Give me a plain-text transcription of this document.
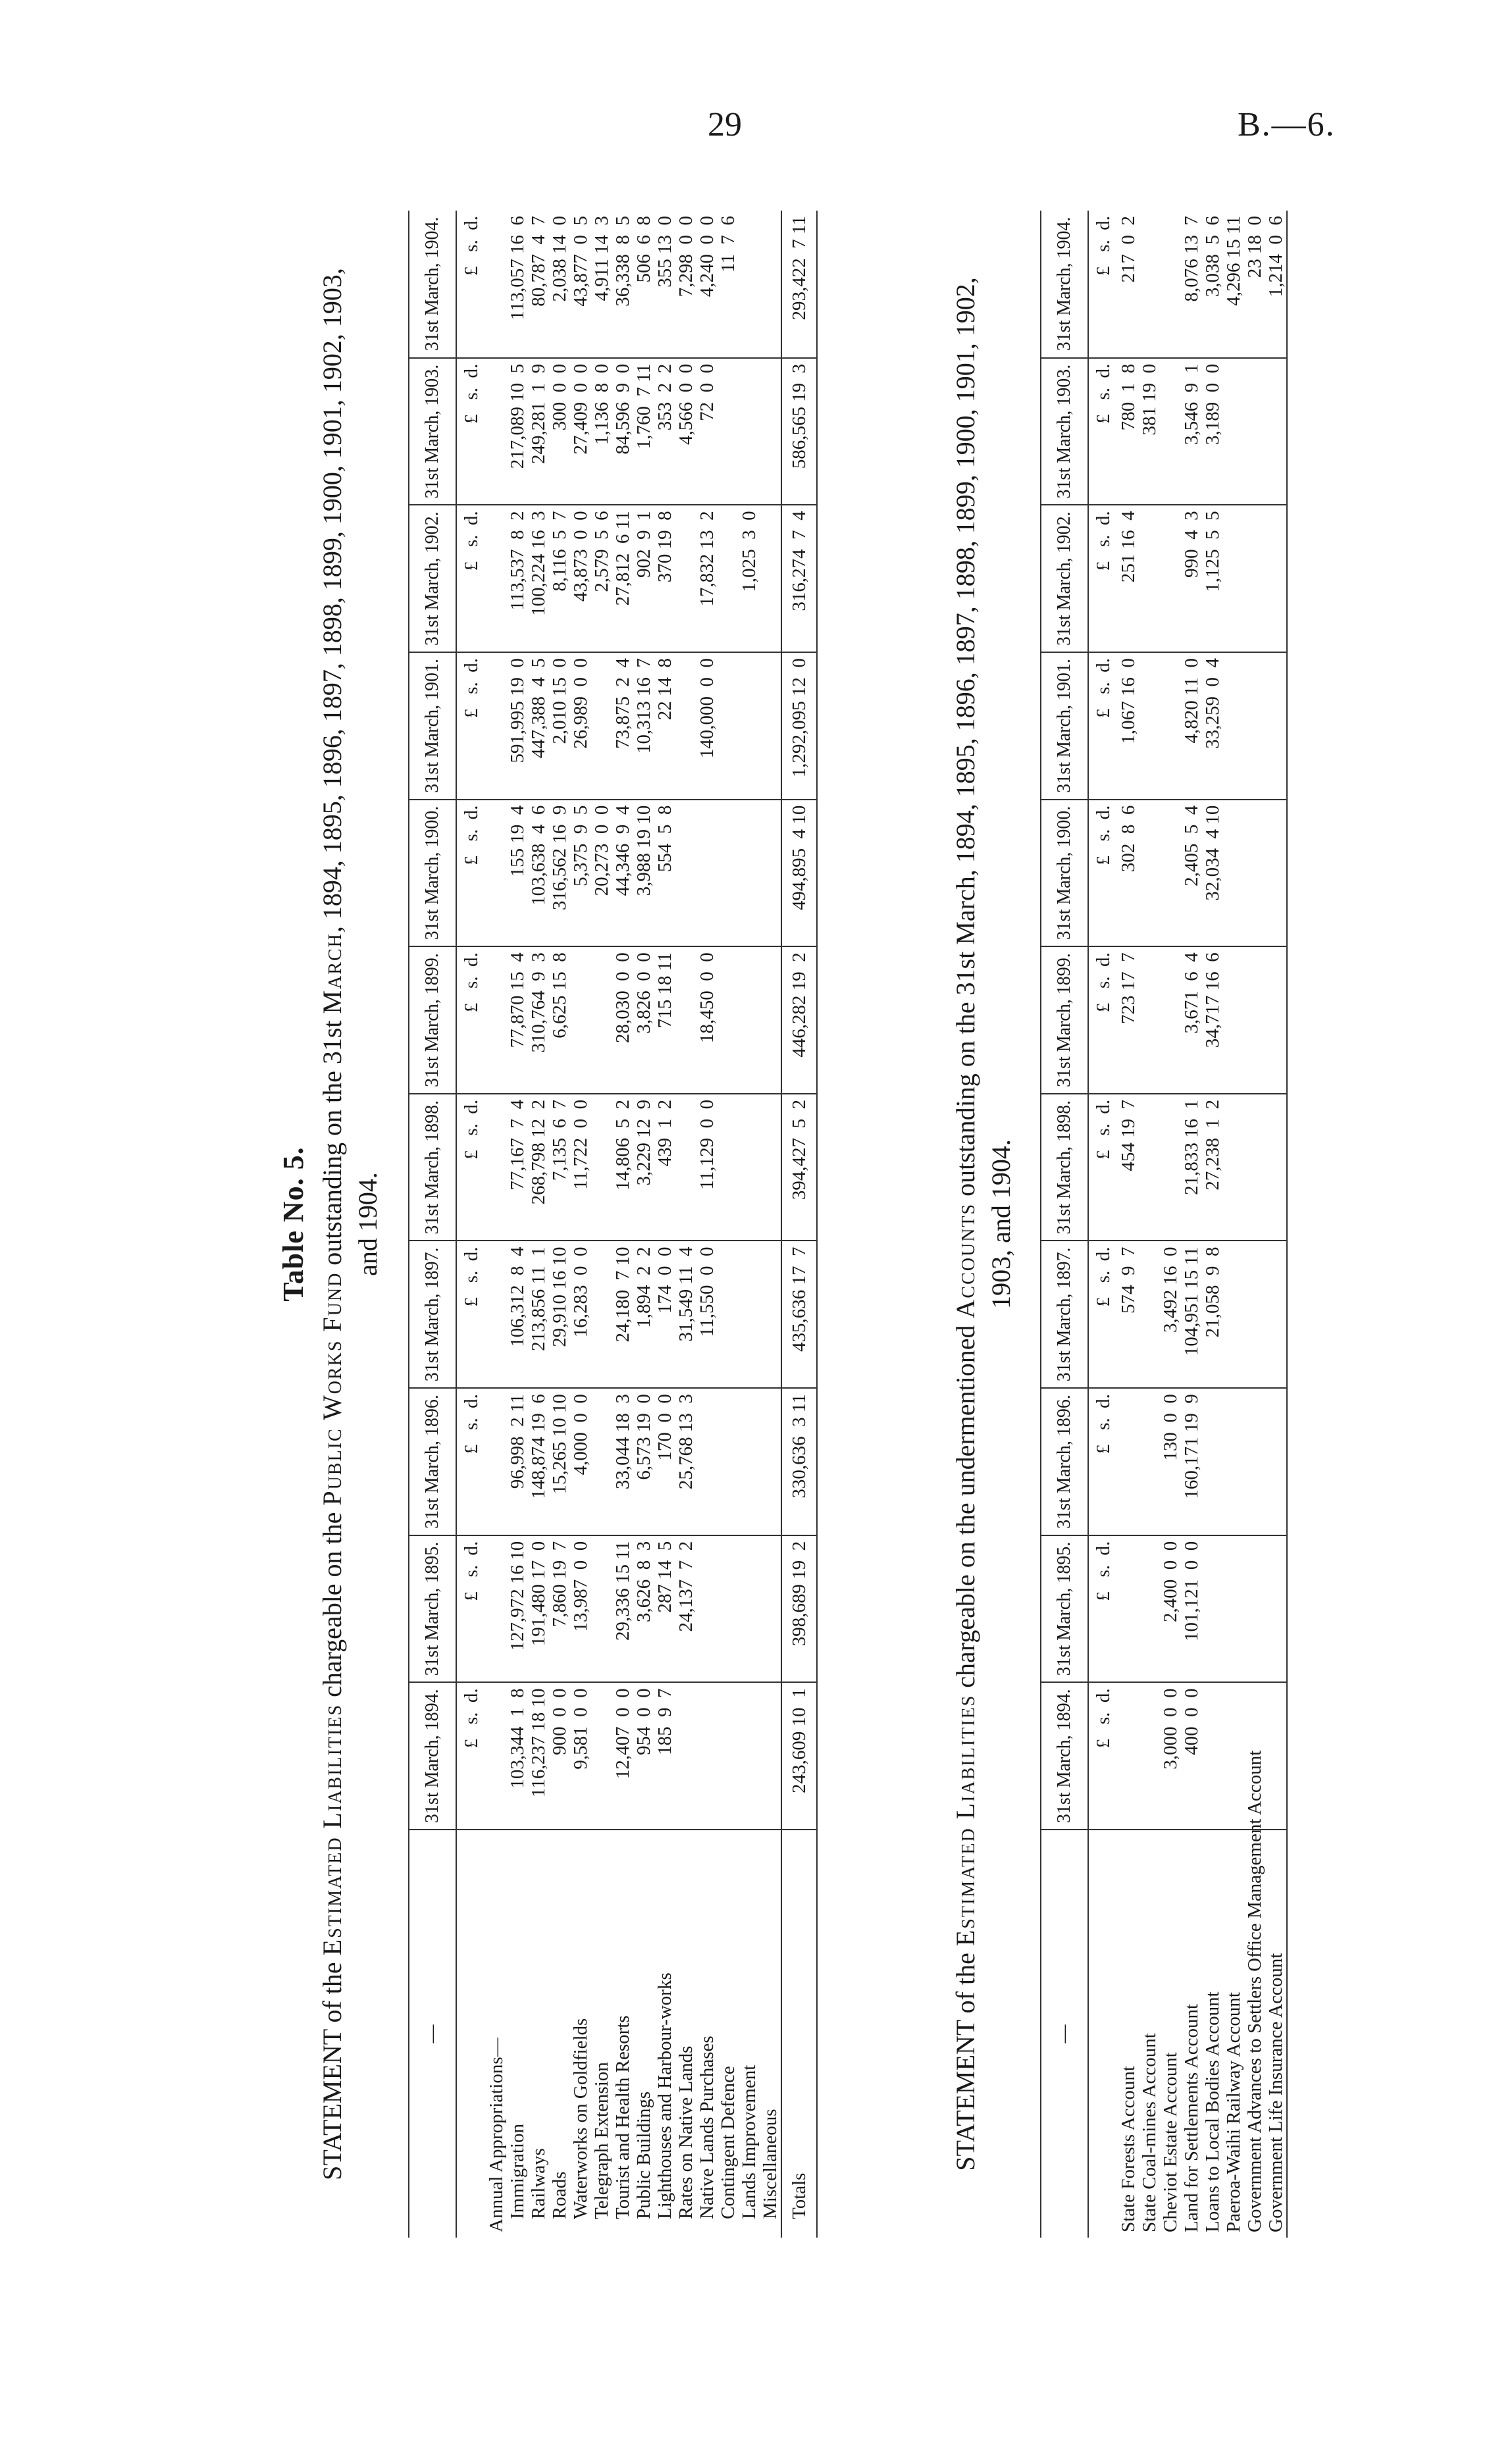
29	B.—6.
Table No. 5.
STATEMENT of the Estimated Liabilities chargeable on the Public Works Fund outstanding on the 31st March, 1894, 1895, 1896, 1897, 1898, 1899, 1900, 1901, 1902, 1903,
and 1904.
—	31st March, 1894.	31st March, 1895.	31st March, 1896.	31st March, 1897.	31st March, 1898.	31st March, 1899.	31st March, 1900.	31st March, 1901.	31st March, 1902.	31st March, 1903.	31st March, 1904.
	£   s.  d.	£   s.  d.	£   s.  d.	£   s.  d.	£   s.  d.	£   s.  d.	£   s.  d.	£   s.  d.	£   s.  d.	£   s.  d.	£   s.  d.
Annual Appropriations—											
Immigration	103,344  1  8	127,972 16 10	96,998  2 11	106,312  8  4	77,167  7  4	77,870 15  4	155 19  4	591,995 19  0	113,537  8  2	217,089 10  5	113,057 16  6
Railways	116,237 18 10	191,480 17  0	148,874 19  6	213,856 11  1	268,798 12  2	310,764  9  3	103,638  4  6	447,388  4  5	100,224 16  3	249,281  1  9	80,787  4  7
Roads	900  0  0	7,860 19  7	15,265 10 10	29,910 16 10	7,135  6  7	6,625 15  8	316,562 16  9	2,010 15  0	8,116  5  7	300  0  0	2,038 14  0
Waterworks on Goldfields	9,581  0  0	13,987  0  0	4,000  0  0	16,283  0  0	11,722  0  0		5,375  9  5	26,989  0  0	43,873  0  0	27,409  0  0	43,877  0  5
Telegraph Extension							20,273  0  0		2,579  5  6	1,136  8  0	4,911 14  3
Tourist and Health Resorts	12,407  0  0	29,336 15 11	33,044 18  3	24,180  7 10	14,806  5  2	28,030  0  0	44,346  9  4	73,875  2  4	27,812  6 11	84,596  9  0	36,338  8  5
Public Buildings	954  0  0	3,626  8  3	6,573 19  0	1,894  2  2	3,229 12  9	3,826  0  0	3,988 19 10	10,313 16  7	902  9  1	1,760  7 11	506  6  8
Lighthouses and Harbour-works	185  9  7	287 14  5	170  0  0	174  0  0	439  1  2	715 18 11	554  5  8	22 14  8	370 19  8	353  2  2	355 13  0
Rates on Native Lands		24,137  7  2	25,768 13  3	31,549 11  4						4,566  0  0	7,298  0  0
Native Lands Purchases				11,550  0  0	11,129  0  0	18,450  0  0		140,000  0  0	17,832 13  2	72  0  0	4,240  0  0
Contingent Defence											11  7  6
Lands Improvement									1,025  3  0		
Miscellaneous											
Totals	243,609 10  1	398,689 19  2	330,636  3 11	435,636 17  7	394,427  5  2	446,282 19  2	494,895  4 10	1,292,095 12  0	316,274  7  4	586,565 19  3	293,422  7 11
STATEMENT of the Estimated Liabilities chargeable on the undermentioned Accounts outstanding on the 31st March, 1894, 1895, 1896, 1897, 1898, 1899, 1900, 1901, 1902,
1903, and 1904.
—	31st March, 1894.	31st March, 1895.	31st March, 1896.	31st March, 1897.	31st March, 1898.	31st March, 1899.	31st March, 1900.	31st March, 1901.	31st March, 1902.	31st March, 1903.	31st March, 1904.
	£   s.  d.	£   s.  d.	£   s.  d.	£   s.  d.	£   s.  d.	£   s.  d.	£   s.  d.	£   s.  d.	£   s.  d.	£   s.  d.	£   s.  d.
State Forests Account				574  9  7	454 19  7	723 17  7	302  8  6	1,067 16  0	251 16  4	780  1  8	217  0  2
State Coal-mines Account										381 19  0	
Cheviot Estate Account	3,000  0  0	2,400  0  0	130  0  0	3,492 16  0							
Land for Settlements Account	400  0  0	101,121  0  0	160,171 19  9	104,951 15 11	21,833 16  1	3,671  6  4	2,405  5  4	4,820 11  0	990  4  3	3,546  9  1	8,076 13  7
Loans to Local Bodies Account				21,058  9  8	27,238  1  2	34,717 16  6	32,034  4 10	33,259  0  4	1,125  5  5	3,189  0  0	3,038  5  6
Paeroa-Waihi Railway Account											4,296 15 11
Government Advances to Settlers Office Management Account											23 18  0
Government Life Insurance Account											1,214  0  6
